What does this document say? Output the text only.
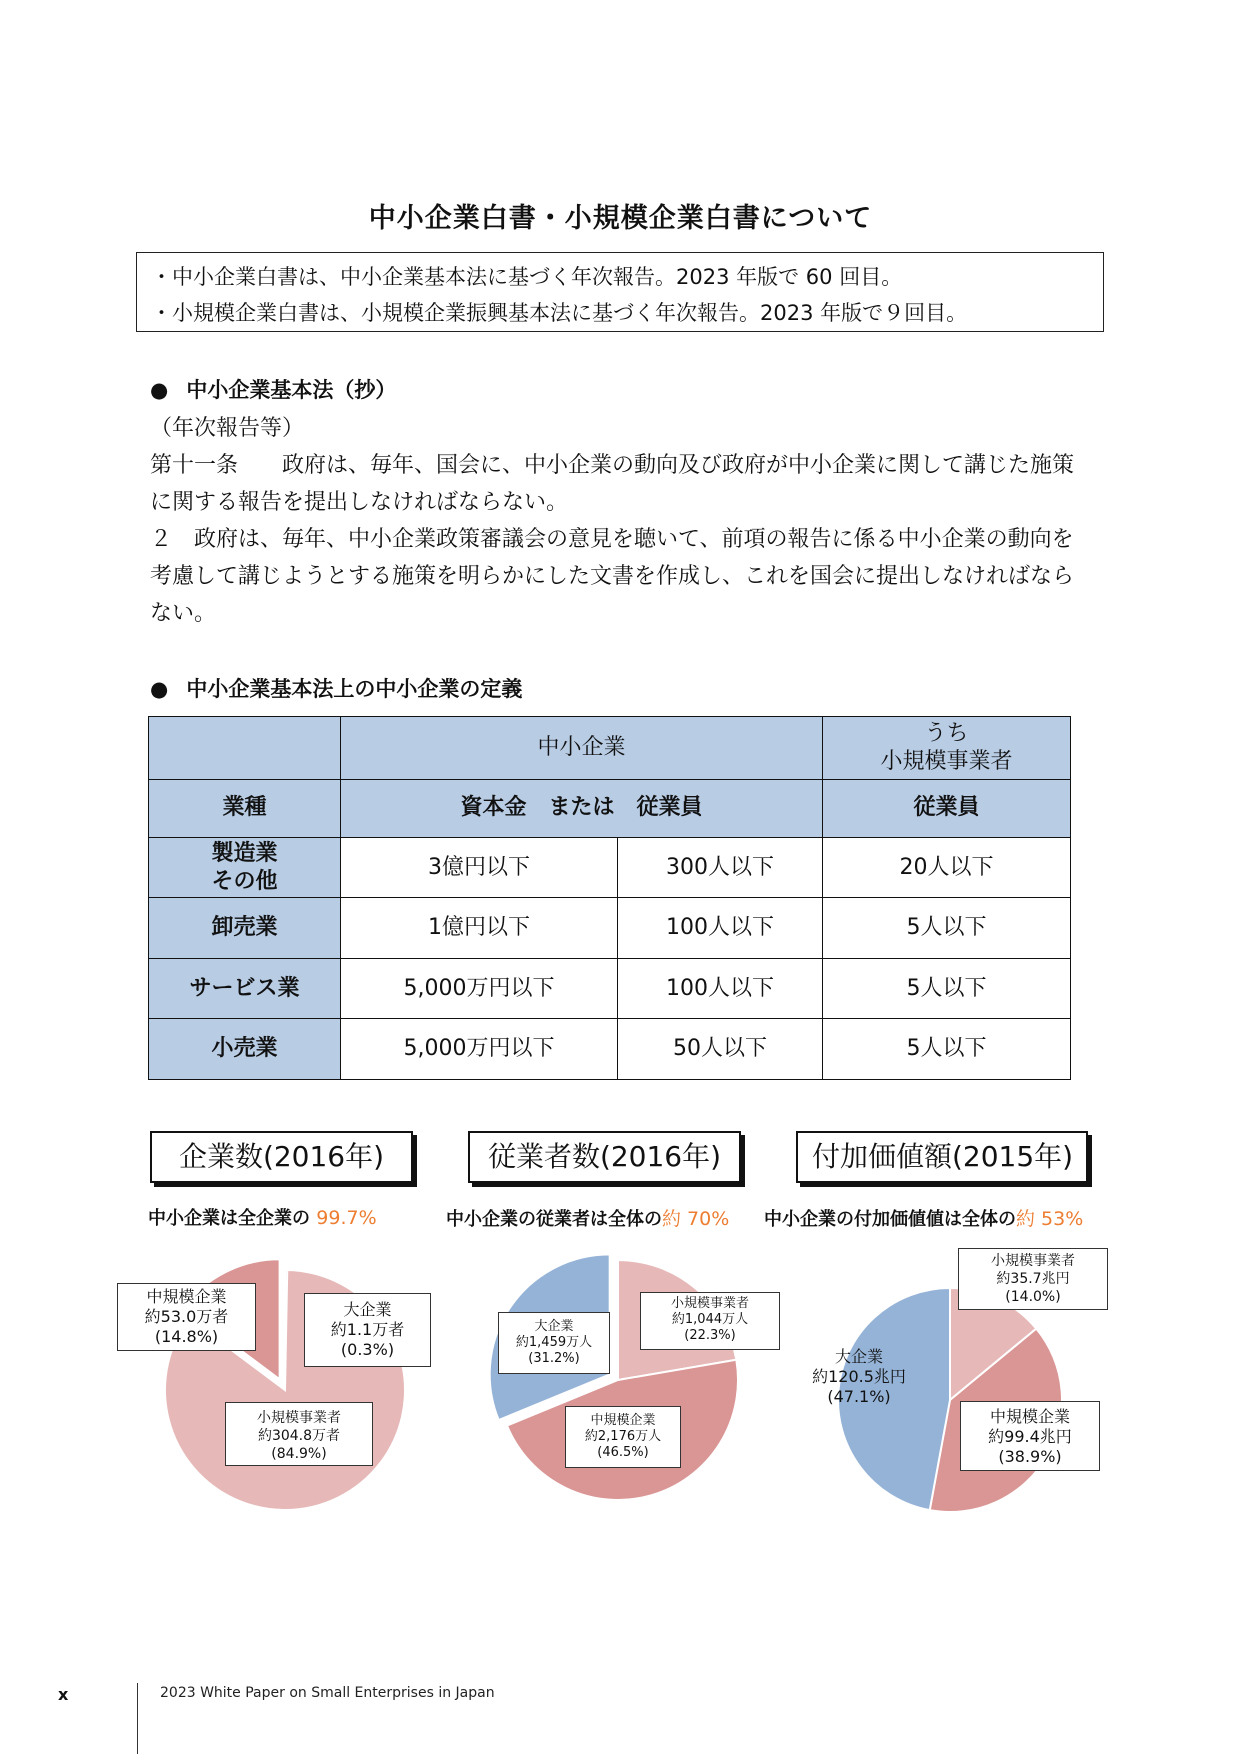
中小企業白書・小規模企業白書について
・中小企業白書は、中小企業基本法に基づく年次報告。2023 年版で 60 回目。
・小規模企業白書は、小規模企業振興基本法に基づく年次報告。2023 年版で９回目。
● 中小企業基本法（抄）

（年次報告等）

第十一条　　政府は、毎年、国会に、中小企業の動向及び政府が中小企業に関して講じた施策に関する報告を提出しなければならない。

２　政府は、毎年、中小企業政策審議会の意見を聴いて、前項の報告に係る中小企業の動向を考慮して講じようとする施策を明らかにした文書を作成し、これを国会に提出しなければならない。

● 中小企業基本法上の中小企業の定義
	中小企業		うち
小規模事業者

業種	資本金　または　従業員		従業員

製造業
その他	3億円以下	300人以下	20人以下
卸売業	1億円以下	100人以下	5人以下
サービス業	5,000万円以下	100人以下	5人以下
小売業	5,000万円以下	50人以下	5人以下
企業数(2016年)	従業者数(2016年)	付加価値額(2015年)
中小企業は全企業の 99.7%	中小企業の従業者は全体の約 70% 中小企業の付加価値値は全体の約 53%
中規模企業
約53.0万者
(14.8%)
大企業
約1.1万者
(0.3%)
小規模事業者
約304.8万者
(84.9%)
小規模事業者
約1,044万人
(22.3%)
大企業
約1,459万人
(31.2%)
中規模企業
約2,176万人
(46.5%)
小規模事業者
約35.7兆円
(14.0%)
大企業
約120.5兆円
(47.1%)
中規模企業
約99.4兆円
(38.9%)
x	2023 White Paper on Small Enterprises in Japan
